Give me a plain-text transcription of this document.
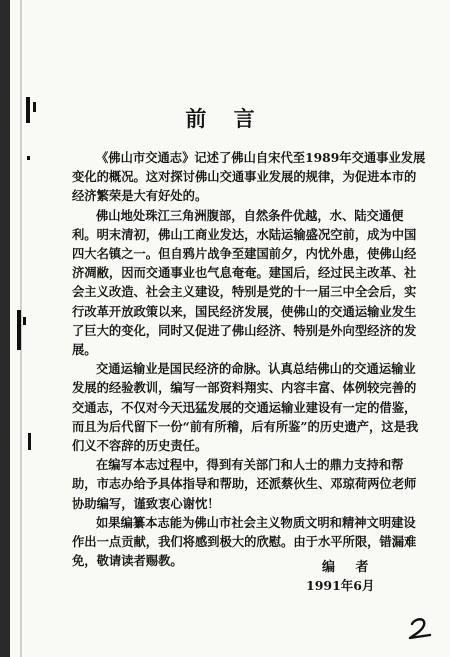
前 言

《佛山市交通志》记述了佛山自宋代至1989年交通事业发展
变化的概况。这对探讨佛山交通事业发展的规律，为促进本市的
经济繁荣是大有好处的。

佛山地处珠江三角洲腹部，自然条件优越，水、陆交通便
利。明末清初，佛山工商业发达，水陆运输盛况空前，成为中国
四大名镇之一。但自鸦片战争至建国前夕，内忧外患，使佛山经
济凋敝，因而交通事业也气息奄奄。建国后，经过民主改革、社
会主义改造、社会主义建设，特别是党的十一届三中全会后，实
行改革开放政策以来，国民经济发展，使佛山的交通运输业发生
了巨大的变化，同时又促进了佛山经济、特别是外向型经济的发
展。

交通运输业是国民经济的命脉。认真总结佛山的交通运输业
发展的经验教训，编写一部资料翔实、内容丰富、体例较完善的
交通志，不仅对今天迅猛发展的交通运输业建设有一定的借鉴，
而且为后代留下一份“前有所稽，后有所鉴”的历史遗产，这是我
们义不容辞的历史责任。

在编写本志过程中，得到有关部门和人士的鼎力支持和帮
助，市志办给予具体指导和帮助，还派蔡伙生、邓琼荷两位老师
协助编写，谨致衷心谢忱！

如果编纂本志能为佛山市社会主义物质文明和精神文明建设
作出一点贡献，我们将感到极大的欣慰。由于水平所限，错漏难
免，敬请读者赐教。	编 者
1991年6月
